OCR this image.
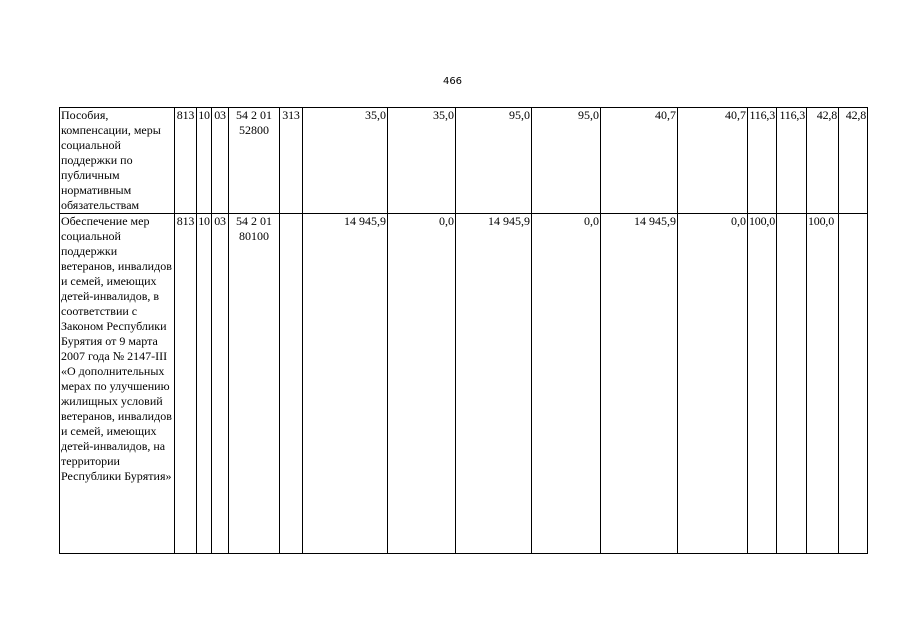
466
Пособия, компенсации, меры социальной поддержки по публичным нормативным обязательствам	813	10	03	54 2 01 52800	313	35,0	35,0	95,0	95,0	40,7	40,7	116,3	116,3	42,8	42,8
Обеспечение мер социальной поддержки ветеранов, инвалидов и семей, имеющих детей-инвалидов, в соответствии с Законом Республики Бурятия от 9 марта 2007 года № 2147-III «О дополнительных мерах по улучшению жилищных условий ветеранов, инвалидов и семей, имеющих детей-инвалидов, на территории Республики Бурятия»	813	10	03	54 2 01 80100		14 945,9	0,0	14 945,9	0,0	14 945,9	0,0	100,0		100,0	
